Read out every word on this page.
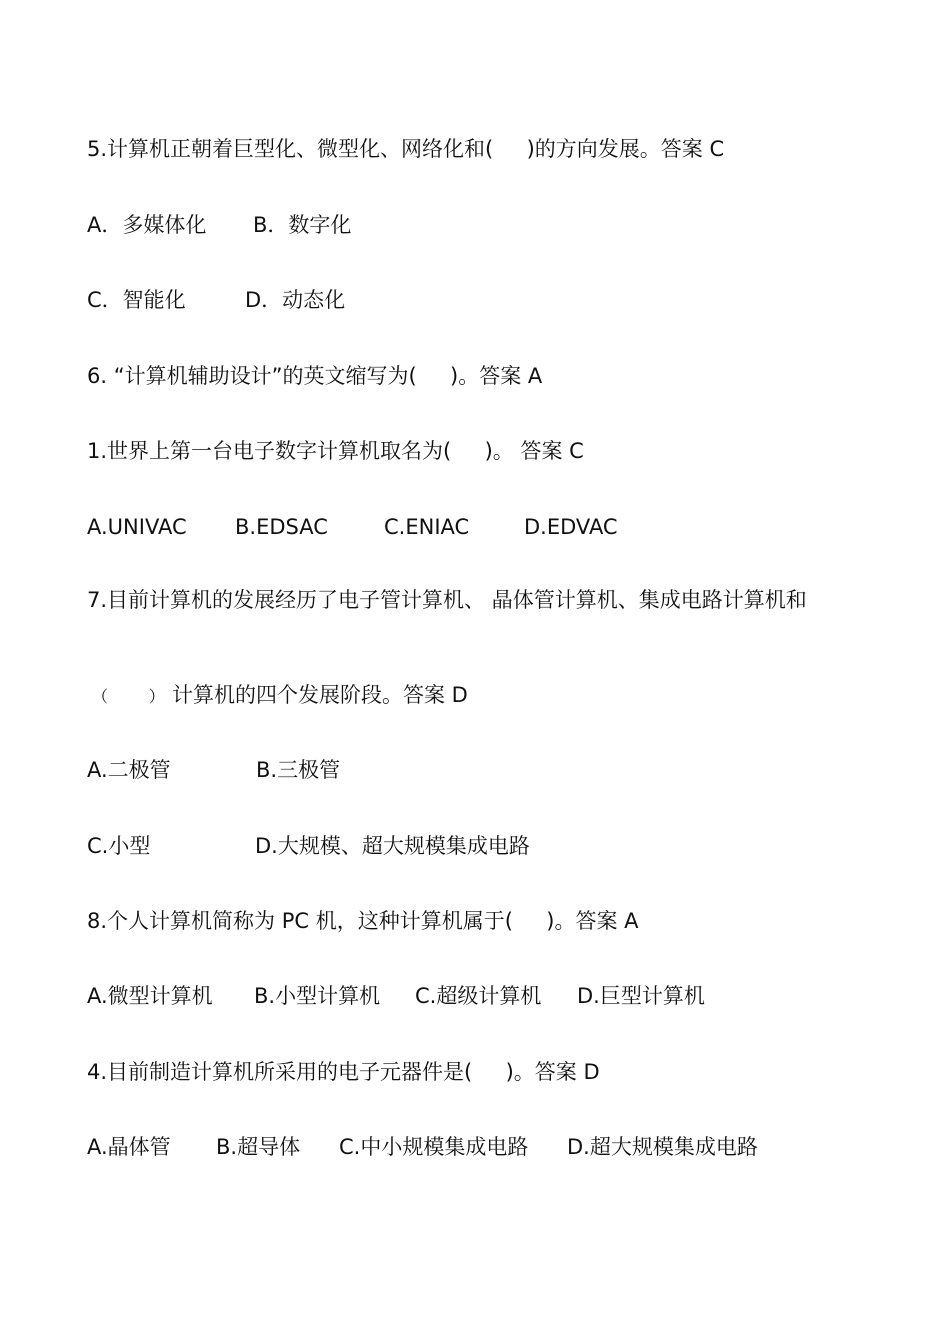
5.计算机正朝着巨型化、微型化、网络化和(     )的方向发展。答案 C

A．多媒体化 B．数字化
C．智能化	D．动态化

6. “计算机辅助设计”的英文缩写为(     )。答案 A

1.世界上第一台电子数字计算机取名为(     )。 答案 C

A.UNIVAC B.EDSAC	C.ENIAC	D.EDVAC

7.目前计算机的发展经历了电子管计算机、 晶体管计算机、集成电路计算机和

（        ） 计算机的四个发展阶段。答案 D
A.二极管	B.三极管
C.小型	D.大规模、超大规模集成电路

8.个人计算机简称为 PC 机，这种计算机属于(     )。答案 A

A.微型计算机 B.小型计算机 C.超级计算机 D.巨型计算机

4.目前制造计算机所采用的电子元器件是(     )。答案 D

A.晶体管 B.超导体 C.中小规模集成电路 D.超大规模集成电路
